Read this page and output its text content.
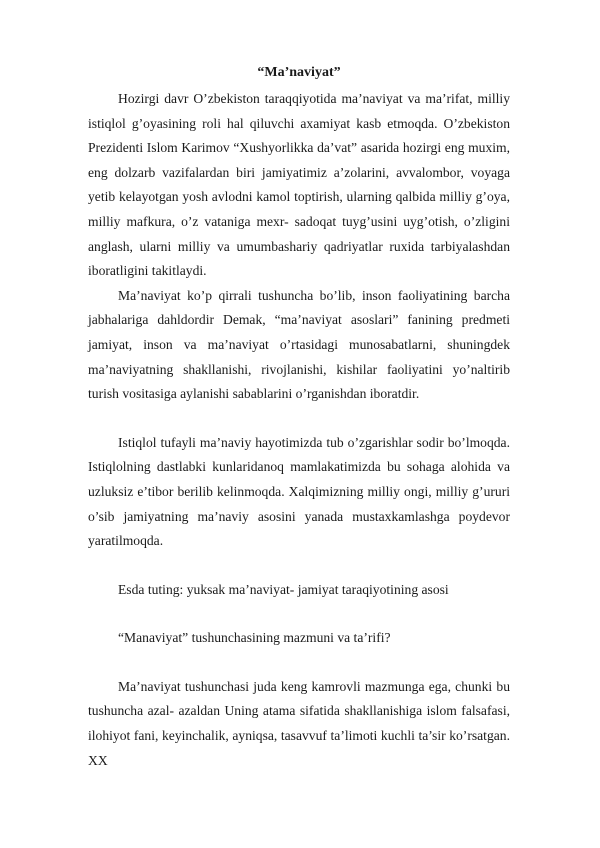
“Ma’naviyat”

Hozirgi davr O’zbekiston taraqqiyotida ma’naviyat va ma’rifat, milliy istiqlol g’oyasining roli hal qiluvchi axamiyat kasb etmoqda. O’zbekiston Prezidenti Islom Karimov “Xushyorlikka da’vat” asarida hozirgi eng muxim, eng dolzarb vazifalardan biri jamiyatimiz a’zolarini, avvalombor, voyaga yetib kelayotgan yosh avlodni kamol toptirish, ularning qalbida milliy g’oya, milliy mafkura, o’z vataniga mexr- sadoqat tuyg’usini uyg’otish, o’zligini anglash, ularni milliy va umumbashariy qadriyatlar ruxida tarbiyalashdan iboratligini takitlaydi.

Ma’naviyat ko’p qirrali tushuncha bo’lib, inson faoliyatining barcha jabhalariga dahldordir Demak, “ma’naviyat asoslari” fanining predmeti jamiyat, inson va ma’naviyat o’rtasidagi munosabatlarni, shuningdek ma’naviyatning shakllanishi, rivojlanishi, kishilar faoliyatini yo’naltirib turish vositasiga aylanishi sabablarini o’rganishdan iboratdir.

Istiqlol tufayli ma’naviy hayotimizda tub o’zgarishlar sodir bo’lmoqda. Istiqlolning dastlabki kunlaridanoq mamlakatimizda bu sohaga alohida va uzluksiz e’tibor berilib kelinmoqda. Xalqimizning milliy ongi, milliy g’ururi o’sib jamiyatning ma’naviy asosini yanada mustaxkamlashga poydevor yaratilmoqda.

Esda tuting: yuksak ma’naviyat- jamiyat taraqiyotining asosi

“Manaviyat” tushunchasining mazmuni va ta’rifi?

Ma’naviyat tushunchasi juda keng kamrovli mazmunga ega, chunki bu tushuncha azal- azaldan Uning atama sifatida shakllanishiga islom falsafasi, ilohiyot fani, keyinchalik, ayniqsa, tasavvuf ta’limoti kuchli ta’sir ko’rsatgan. XX
